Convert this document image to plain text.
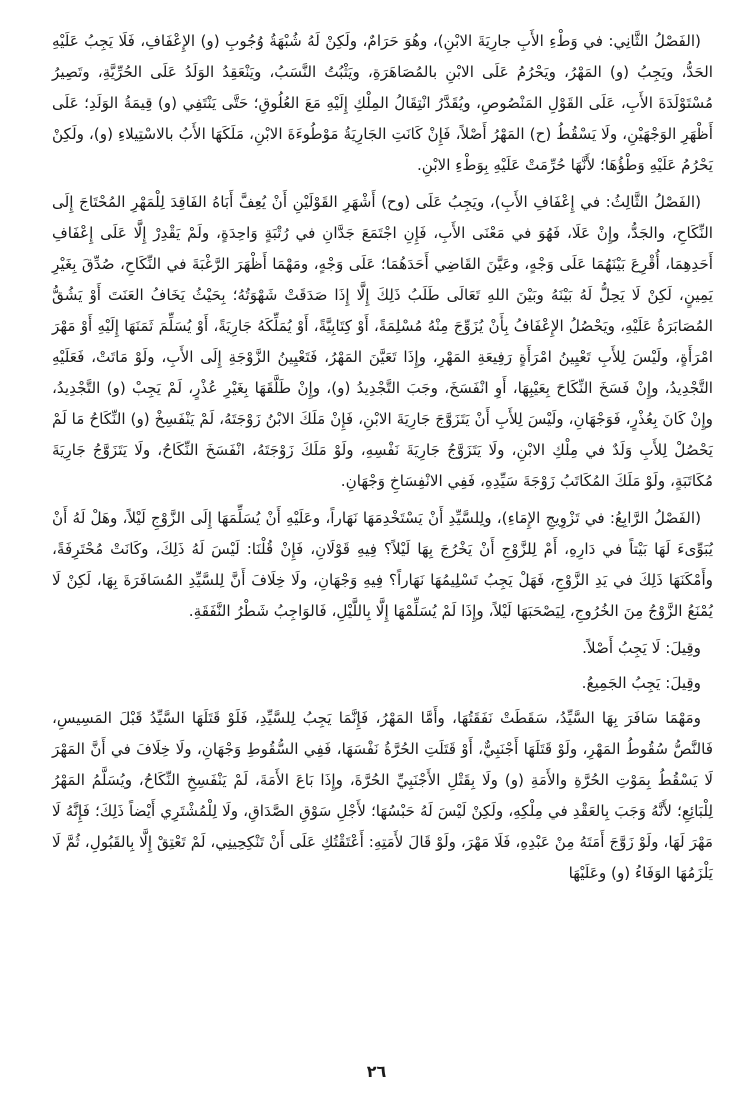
(الفَصْلُ الثَّانِي: في وَطْءِ الأَبِ جارِيَةَ الابْنِ)، وهُوَ حَرَامٌ، ولَكِنْ لَهُ شُبْهَةُ وُجُوبِ (و) الإِعْفَافِ، فَلَا يَجِبُ عَلَيْهِ الحَدُّ، ويَجِبُ (و) المَهْرُ، ويَحْرُمُ عَلَى الابْنِ بالمُصَاهَرَةِ، ويَثْبُتُ النَّسَبُ، ويَنْعَقِدُ الوَلَدُ عَلَى الحُرِّيَّةِ، وتَصِيرُ مُسْتَوْلَدَةَ الأَبِ، عَلَى القَوْلِ المَنْصُوصِ، ويُقَدَّرُ انْتِقَالُ المِلْكِ إِلَيْهِ مَعَ العُلُوقِ؛ حَتَّى يَنْتَفِي (و) قِيمَةُ الوَلَدِ؛ عَلَى أَظْهَرِ الوَجْهَيْنِ، ولَا يَسْقُطُ (ح) المَهْرُ أَصْلاً، فَإِنْ كَانَتِ الجَارِيَةُ مَوْطُوءَةَ الابْنِ، مَلَكَهَا الأَبُ بالاسْتِيلاءِ (و)، ولَكِنْ يَحْرُمُ عَلَيْهِ وَطْؤُهَا؛ لأَنَّهَا حُرِّمَتْ عَلَيْهِ بِوَطْءِ الابْنِ.

(الفَصْلُ الثَّالِثُ: في إِعْفَافِ الأَبِ)، ويَجِبُ عَلَى (وح) أَشْهَرِ القَوْلَيْنِ أَنْ يُعِفَّ أَبَاهُ الفَاقِدَ لِلْمَهْرِ المُحْتَاجَ إِلَى النِّكَاحِ، والجَدُّ، وإِنْ عَلَا، فَهُوَ في مَعْنَى الأَبِ، فَإِنِ اجْتَمَعَ جَدَّانِ في رُتْبَةٍ وَاحِدَةٍ، ولَمْ يَقْدِرْ إِلَّا عَلَى إِعْفَافِ أَحَدِهِمَا، أُقْرِعَ بَيْنَهُمَا عَلَى وَجْهٍ، وعَيَّنَ القَاضِي أَحَدَهُمَا؛ عَلَى وَجْهٍ، ومَهْمَا أَظْهَرَ الرَّغْبَةَ في النِّكَاحِ، صُدِّقَ بِغَيْرِ يَمِينٍ، لَكِنْ لَا يَحِلُّ لَهُ بَيْنَهُ وبَيْنَ اللهِ تَعَالَى طَلَبُ ذَلِكَ إِلَّا إِذَا صَدَقَتْ شَهْوَتُهُ؛ بِحَيْثُ يَخَافُ العَنَتَ أَوْ يَشُقُّ المُصَابَرَةُ عَلَيْهِ، ويَحْصُلُ الإِعْفَافُ بِأَنْ يُزَوِّجَ مِنْهُ مُسْلِمَةً، أَوْ كِتَابِيَّةً، أَوْ يُمَلِّكَهُ جَارِيَةً، أَوْ يُسَلِّمَ ثَمَنَهَا إِلَيْهِ أَوْ مَهْرَ امْرَأَةٍ، ولَيْسَ لِلأَبِ تَعْيِينُ امْرَأَةٍ رَفِيعَةِ المَهْرِ، وإِذَا تَعَيَّنَ المَهْرُ، فَتَعْيِينُ الزَّوْجَةِ إِلَى الأَبِ، ولَوْ مَاتَتْ، فَعَلَيْهِ التَّجْدِيدُ، وإِنْ فَسَخَ النِّكَاحَ بِعَيْبِهَا، أَوِ انْفَسَخَ، وجَبَ التَّجْدِيدُ (و)، وإِنْ طَلَّقَهَا بِغَيْرِ عُذْرٍ، لَمْ يَجِبْ (و) التَّجْدِيدُ، وإِنْ كَانَ بِعُذْرٍ، فَوَجْهَانِ، ولَيْسَ لِلأَبِ أَنْ يَتَزَوَّجَ جَارِيَةَ الابْنِ، فَإِنْ مَلَكَ الابْنُ زَوْجَتَهُ، لَمْ يَنْفَسِخْ (و) النِّكَاحُ مَا لَمْ يَحْصُلْ لِلأَبِ وَلَدٌ في مِلْكِ الابْنِ، ولَا يَتَزَوَّجُ جَارِيَةَ نَفْسِهِ، ولَوْ مَلَكَ زَوْجَتَهُ، انْفَسَخَ النِّكَاحُ، ولَا يَتَزَوَّجُ جَارِيَةَ مُكَاتَبَةٍ، ولَوْ مَلَكَ المُكَاتَبُ زَوْجَةَ سَيِّدِهِ، فَفِي الانْفِسَاخِ وَجْهَانِ.

(الفَصْلُ الرَّابِعُ: في تَزْوِيجِ الإِمَاءِ)، ولِلسَّيِّدِ أَنْ يَسْتَخْدِمَهَا نَهَاراً، وعَلَيْهِ أَنْ يُسَلِّمَهَا إِلَى الزَّوْجِ لَيْلاً، وهَلْ لَهُ أَنْ يُبَوِّىءَ لَهَا بَيْتاً في دَارِهِ، أَمْ لِلزَّوْجِ أَنْ يَخْرُجَ بِهَا لَيْلاً؟ فِيهِ قَوْلَانِ، فَإِنْ قُلْنَا: لَيْسَ لَهُ ذَلِكَ، وكَانَتْ مُحْتَرِفَةً، وأَمْكَنَهَا ذَلِكَ في يَدِ الزَّوْجِ، فَهَلْ يَجِبُ تَسْلِيمُهَا نَهَاراً؟ فِيهِ وَجْهَانِ، ولَا خِلَافَ أَنَّ لِلسَّيِّدِ المُسَافَرَةَ بِهَا، لَكِنْ لَا يُمْنَعُ الزَّوْجُ مِنَ الخُرُوجِ، لِيَصْحَبَهَا لَيْلاً، وإِذَا لَمْ يُسَلِّمْهَا إِلَّا بِاللَّيْلِ، فَالوَاجِبُ شَطْرُ النَّفَقَةِ.

وقِيلَ: لَا يَجِبُ أَصْلاً.

وقِيلَ: يَجِبُ الجَمِيعُ.

ومَهْمَا سَافَرَ بِهَا السَّيِّدُ، سَقَطَتْ نَفَقَتُهَا، وأَمَّا المَهْرُ، فَإِنَّمَا يَجِبُ لِلسَّيِّدِ، فَلَوْ قَتَلَهَا السَّيِّدُ قَبْلَ المَسِيسِ، فَالنَّصُّ سُقُوطُ المَهْرِ، ولَوْ قَتَلَهَا أَجْنَبِيٌّ، أَوْ قَتَلَتِ الحُرَّةُ نَفْسَهَا، فَفِي السُّقُوطِ وَجْهَانِ، ولَا خِلَافَ في أَنَّ المَهْرَ لَا يَسْقُطُ بِمَوْتِ الحُرَّةِ والأَمَةِ (و) ولَا بِقَتْلِ الأَجْنَبِيِّ الحُرَّةَ، وإِذَا بَاعَ الأَمَةَ، لَمْ يَنْفَسِخِ النِّكَاحُ، ويُسَلَّمُ المَهْرُ لِلْبَائِعِ؛ لأَنَّهُ وَجَبَ بِالعَقْدِ في مِلْكِهِ، ولَكِنْ لَيْسَ لَهُ حَبْسُهَا؛ لأَجْلِ سَوْقِ الصَّدَاقِ، ولَا لِلْمُشْتَرِي أَيْضاً ذَلِكَ؛ فَإِنَّهُ لَا مَهْرَ لَهَا، ولَوْ زَوَّجَ أَمَتَهُ مِنْ عَبْدِهِ، فَلَا مَهْرَ، ولَوْ قَالَ لأَمَتِهِ: أَعْتَقْتُكِ عَلَى أَنْ تَنْكِحِينِي، لَمْ تَعْتِقْ إِلَّا بِالقَبُولِ، ثُمَّ لَا يَلْزَمُهَا الوَفَاءُ (و) وعَلَيْهَا

٢٦
